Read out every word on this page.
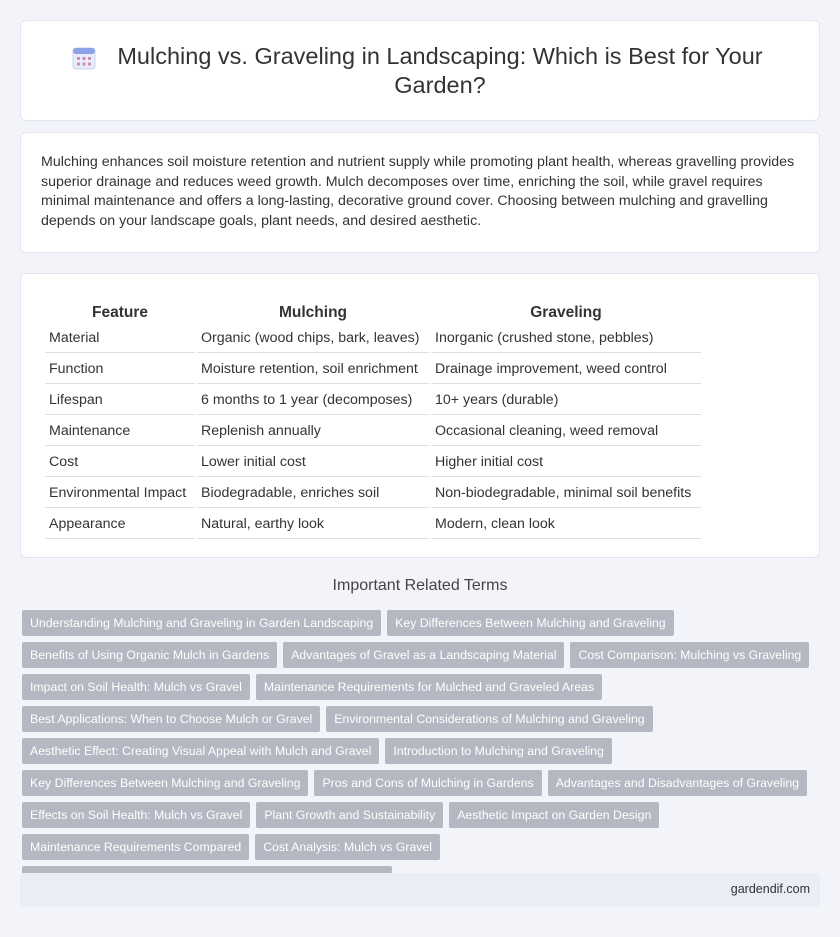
Mulching vs. Graveling in Landscaping: Which is Best for Your Garden?

Mulching enhances soil moisture retention and nutrient supply while promoting plant health, whereas gravelling provides superior drainage and reduces weed growth. Mulch decomposes over time, enriching the soil, while gravel requires minimal maintenance and offers a long-lasting, decorative ground cover. Choosing between mulching and gravelling depends on your landscape goals, plant needs, and desired aesthetic.

Feature	Mulching	Graveling
Material	Organic (wood chips, bark, leaves)	Inorganic (crushed stone, pebbles)
Function	Moisture retention, soil enrichment	Drainage improvement, weed control
Lifespan	6 months to 1 year (decomposes)	10+ years (durable)
Maintenance	Replenish annually	Occasional cleaning, weed removal
Cost	Lower initial cost	Higher initial cost
Environmental Impact	Biodegradable, enriches soil	Non-biodegradable, minimal soil benefits
Appearance	Natural, earthy look	Modern, clean look
Important Related Terms
Understanding Mulching and Graveling in Garden Landscaping	Key Differences Between Mulching and Graveling
Benefits of Using Organic Mulch in Gardens	Advantages of Gravel as a Landscaping Material	Cost Comparison: Mulching vs Graveling
Impact on Soil Health: Mulch vs Gravel	Maintenance Requirements for Mulched and Graveled Areas
Best Applications: When to Choose Mulch or Gravel	Environmental Considerations of Mulching and Graveling
Aesthetic Effect: Creating Visual Appeal with Mulch and Gravel	Introduction to Mulching and Graveling
Key Differences Between Mulching and Graveling	Pros and Cons of Mulching in Gardens	Advantages and Disadvantages of Graveling
Effects on Soil Health: Mulch vs Gravel	Plant Growth and Sustainability	Aesthetic Impact on Garden Design
Maintenance Requirements Compared	Cost Analysis: Mulch vs Gravel
gardendif.com
